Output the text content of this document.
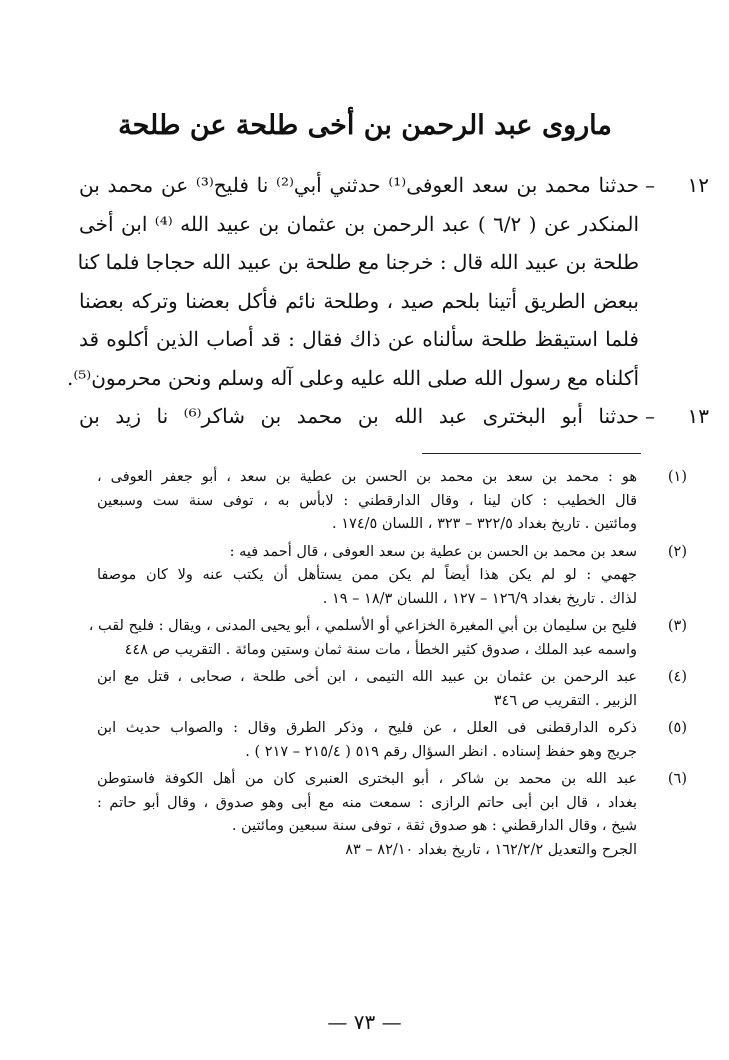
ماروى عبد الرحمن بن أخى طلحة عن طلحة
١٢ –
حدثنا محمد بن سعد العوفى⁽¹⁾ حدثني أبي⁽²⁾ نا فليح⁽³⁾ عن محمد بن
المنكدر عن ( ٦/٢ ) عبد الرحمن بن عثمان بن عبيد الله ⁽⁴⁾ ابن أخى
طلحة بن عبيد الله قال : خرجنا مع طلحة بن عبيد الله حجاجا فلما كنا
ببعض الطريق أتينا بلحم صيد ، وطلحة نائم فأكل بعضنا وتركه بعضنا
فلما استيقظ طلحة سألناه عن ذاك فقال : قد أصاب الذين أكلوه قد
أكلناه مع رسول الله صلى الله عليه وعلى آله وسلم ونحن محرمون⁽⁵⁾.
١٣ –
حدثنا أبو البخترى عبد الله بن محمد بن شاكر⁽⁶⁾ نا زيد بن
(١)
هو : محمد بن سعد بن محمد بن الحسن بن عطية بن سعد ، أبو جعفر العوفى ،
قال الخطيب : كان لينا ، وقال الدارقطني : لابأس به ، توفى سنة ست وسبعين
ومائتين . تاريخ بغداد ٣٢٢/٥ – ٣٢٣ ، اللسان ١٧٤/٥ .
(٢)
سعد بن محمد بن الحسن بن عطية بن سعد العوفى ، قال أحمد فيه :
جهمي : لو لم يكن هذا أيضاً لم يكن ممن يستأهل أن يكتب عنه ولا كان موصفا
لذاك . تاريخ بغداد ١٢٦/٩ – ١٢٧ ، اللسان ١٨/٣ – ١٩ .
(٣)
فليح بن سليمان بن أبي المغيرة الخزاعي أو الأسلمي ، أبو يحيى المدنى ، ويقال : فليح لقب ،
واسمه عبد الملك ، صدوق كثير الخطأ ، مات سنة ثمان وستين ومائة . التقريب ص ٤٤٨
(٤)
عبد الرحمن بن عثمان بن عبيد الله التيمى ، ابن أخى طلحة ، صحابى ، قتل مع ابن
الزبير . التقريب ص ٣٤٦
(٥)
ذكره الدارقطنى فى العلل ، عن فليح ، وذكر الطرق وقال : والصواب حديث ابن
جريج وهو حفظ إسناده . انظر السؤال رقم ٥١٩ ( ٢١٥/٤ – ٢١٧ ) .
(٦)
عبد الله بن محمد بن شاكر ، أبو البخترى العنبرى كان من أهل الكوفة فاستوطن
بغداد ، قال ابن أبى حاتم الرازى : سمعت منه مع أبى وهو صدوق ، وقال أبو حاتم :
شيخ ، وقال الدارقطني : هو صدوق ثقة ، توفى سنة سبعين ومائتين .
الجرح والتعديل ١٦٢/٢/٢ ، تاريخ بغداد ٨٢/١٠ – ٨٣
— ٧٣ —
